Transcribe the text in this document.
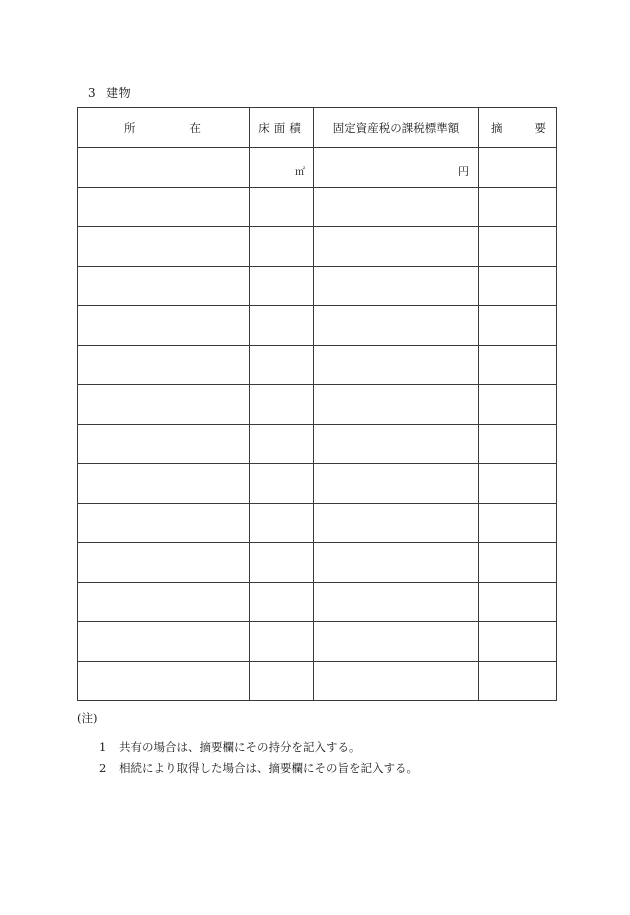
3 建物
所 在	床面積	固定資産税の課税標準額	摘 要

	㎡	円	

(注)
1 共有の場合は、摘要欄にその持分を記入する。
2 相続により取得した場合は、摘要欄にその旨を記入する。
